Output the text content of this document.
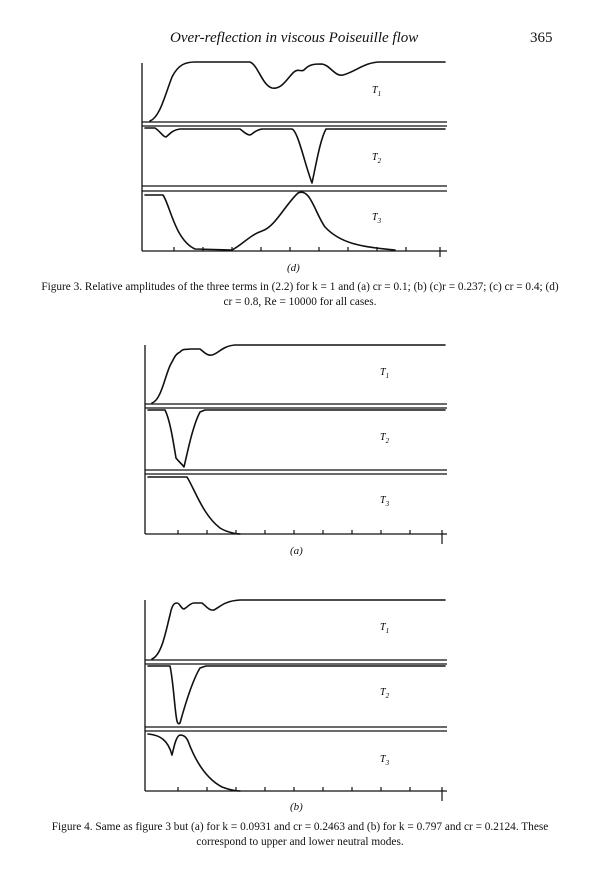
Over-reflection in viscous Poiseuille flow	365
$T_1$
$T_2$
$T_3$
(d)
Figure 3. Relative amplitudes of the three terms in (2.2) for k = 1 and (a) cr = 0.1; (b) (c)r = 0.237; (c) cr = 0.4; (d) cr = 0.8, Re = 10000 for all cases.
$T_1$
$T_2$
$T_3$
(a)
$T_1$
$T_2$
$T_3$
(b)
Figure 4. Same as figure 3 but (a) for k = 0.0931 and cr = 0.2463 and (b) for k = 0.797 and cr = 0.2124. These correspond to upper and lower neutral modes.
